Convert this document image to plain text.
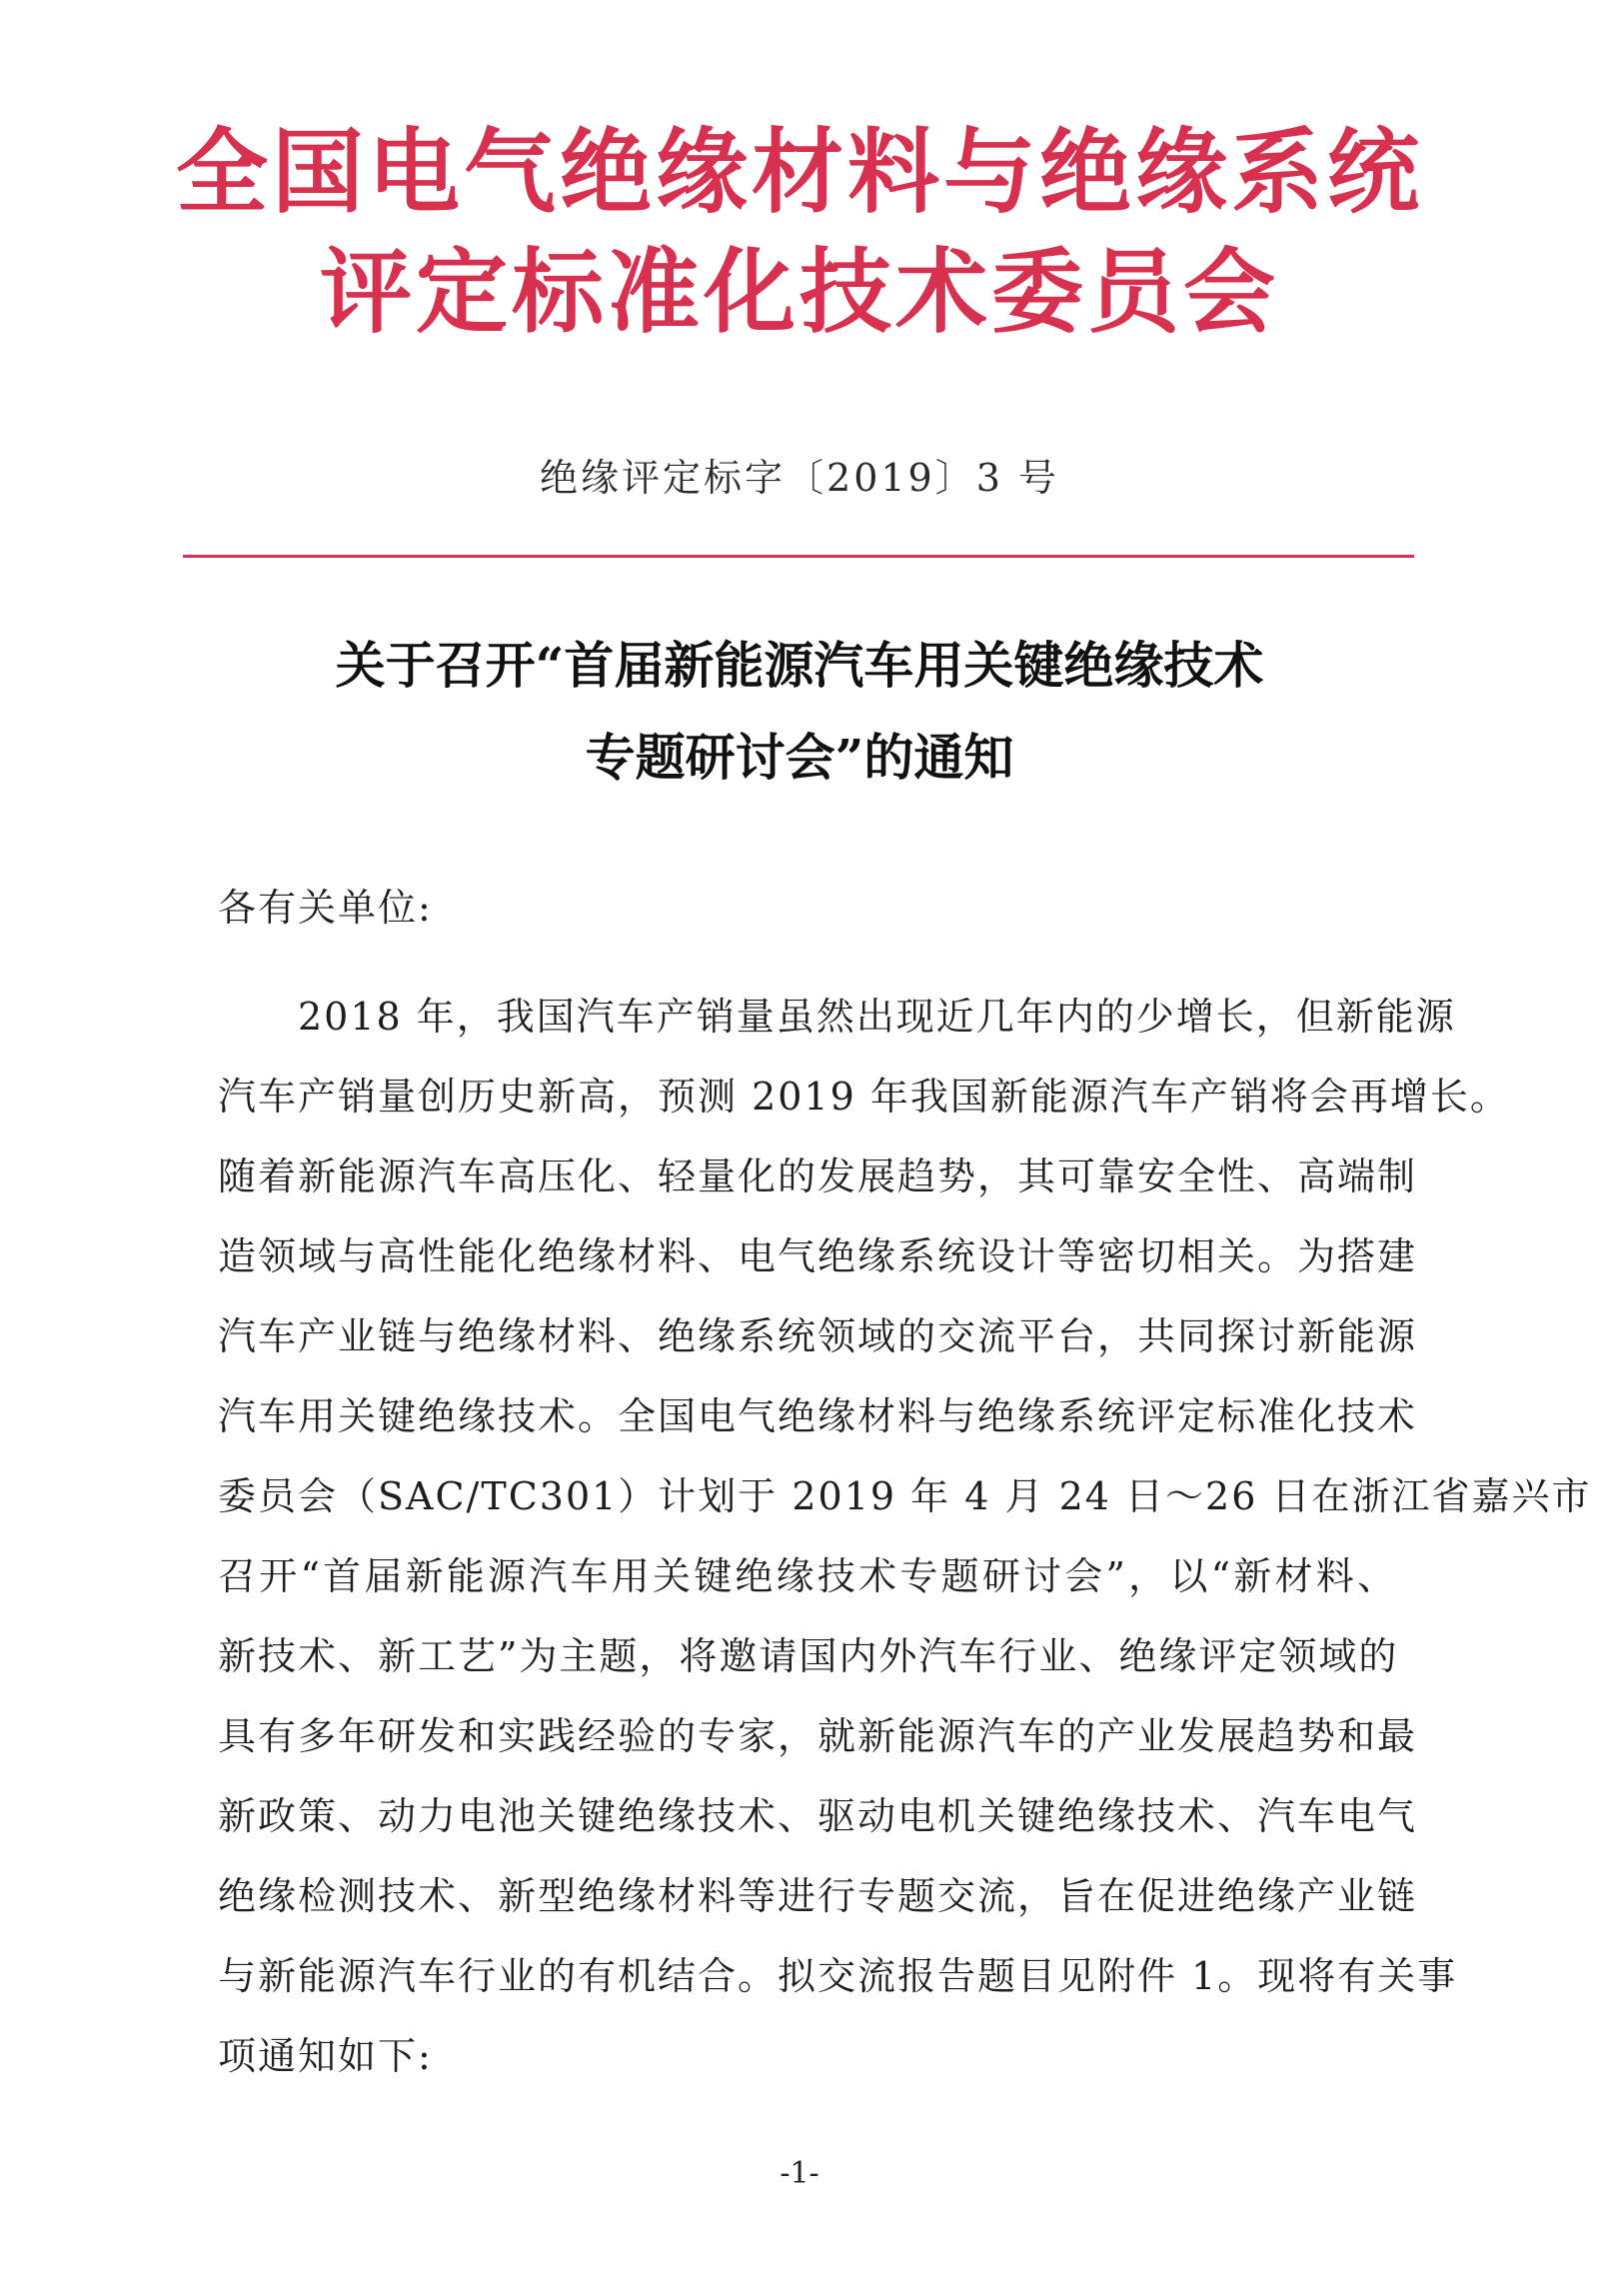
全国电气绝缘材料与绝缘系统
评定标准化技术委员会
绝缘评定标字〔2019〕3 号
关于召开“首届新能源汽车用关键绝缘技术
专题研讨会”的通知
各有关单位:
　　2018 年，我国汽车产销量虽然出现近几年内的少增长，但新能源
汽车产销量创历史新高，预测 2019 年我国新能源汽车产销将会再增长。
随着新能源汽车高压化、轻量化的发展趋势，其可靠安全性、高端制
造领域与高性能化绝缘材料、电气绝缘系统设计等密切相关。为搭建
汽车产业链与绝缘材料、绝缘系统领域的交流平台，共同探讨新能源
汽车用关键绝缘技术。全国电气绝缘材料与绝缘系统评定标准化技术
委员会（SAC/TC301）计划于 2019 年 4 月 24 日～26 日在浙江省嘉兴市
召开“首届新能源汽车用关键绝缘技术专题研讨会”，以“新材料、
新技术、新工艺”为主题，将邀请国内外汽车行业、绝缘评定领域的
具有多年研发和实践经验的专家，就新能源汽车的产业发展趋势和最
新政策、动力电池关键绝缘技术、驱动电机关键绝缘技术、汽车电气
绝缘检测技术、新型绝缘材料等进行专题交流，旨在促进绝缘产业链
与新能源汽车行业的有机结合。拟交流报告题目见附件 1。现将有关事
项通知如下:
-1-
